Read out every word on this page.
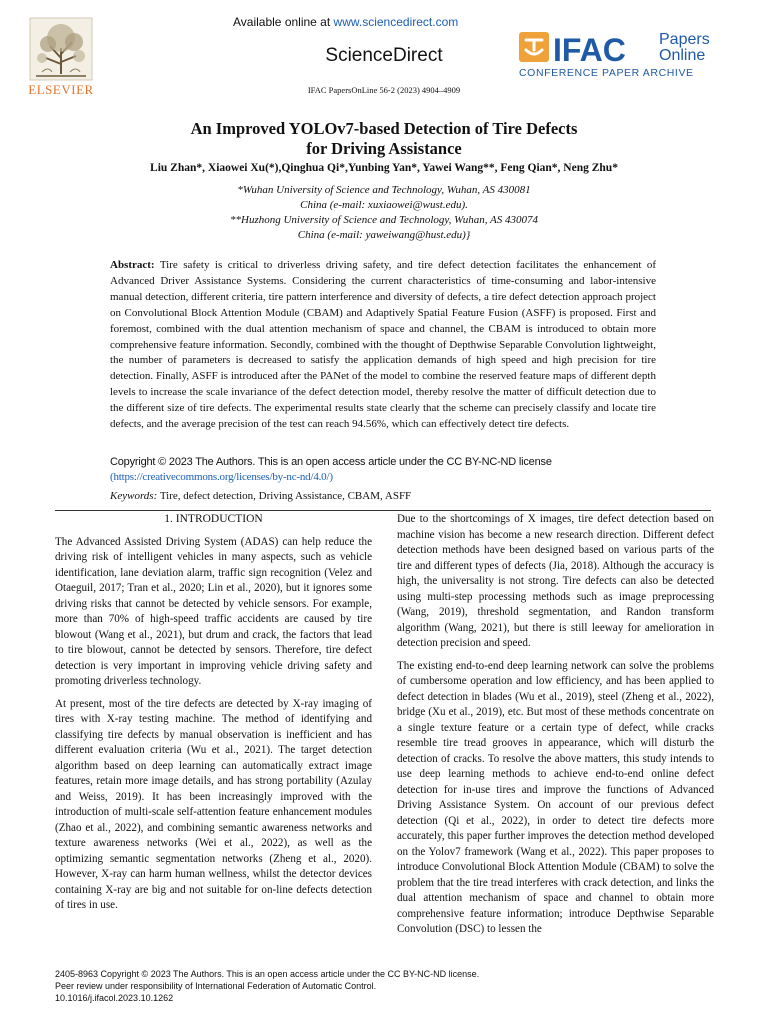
Available online at www.sciencedirect.com
ScienceDirect
IFAC PapersOnLine 56-2 (2023) 4904–4909
ELSEVIER
IFAC Papers
Online
CONFERENCE PAPER ARCHIVE
An Improved YOLOv7-based Detection of Tire Defects
for Driving Assistance
Liu Zhan*, Xiaowei Xu(*),Qinghua Qi*,Yunbing Yan*, Yawei Wang**, Feng Qian*, Neng Zhu*
*Wuhan University of Science and Technology, Wuhan, AS 430081
China (e-mail: xuxiaowei@wust.edu).
**Huzhong University of Science and Technology, Wuhan, AS 430074
China (e-mail: yaweiwang@hust.edu)}
Abstract: Tire safety is critical to driverless driving safety, and tire defect detection facilitates the enhancement of Advanced Driver Assistance Systems. Considering the current characteristics of time-consuming and labor-intensive manual detection, different criteria, tire pattern interference and diversity of defects, a tire defect detection approach project on Convolutional Block Attention Module (CBAM) and Adaptively Spatial Feature Fusion (ASFF) is proposed. First and foremost, combined with the dual attention mechanism of space and channel, the CBAM is introduced to obtain more comprehensive feature information. Secondly, combined with the thought of Depthwise Separable Convolution lightweight, the number of parameters is decreased to satisfy the application demands of high speed and high precision for tire detection. Finally, ASFF is introduced after the PANet of the model to combine the reserved feature maps of different depth levels to increase the scale invariance of the defect detection model, thereby resolve the matter of difficult detection due to the different size of tire defects. The experimental results state clearly that the scheme can precisely classify and locate tire defects, and the average precision of the test can reach 94.56%, which can effectively detect tire defects.
Copyright © 2023 The Authors. This is an open access article under the CC BY-NC-ND license
(https://creativecommons.org/licenses/by-nc-nd/4.0/)
Keywords: Tire, defect detection, Driving Assistance, CBAM, ASFF
1. INTRODUCTION

The Advanced Assisted Driving System (ADAS) can help reduce the driving risk of intelligent vehicles in many aspects, such as vehicle identification, lane deviation alarm, traffic sign recognition (Velez and Otaeguil, 2017; Tran et al., 2020; Lin et al., 2020), but it ignores some driving risks that cannot be detected by vehicle sensors. For example, more than 70% of high-speed traffic accidents are caused by tire blowout (Wang et al., 2021), but drum and crack, the factors that lead to tire blowout, cannot be detected by sensors. Therefore, tire defect detection is very important in improving vehicle driving safety and promoting driverless technology.

At present, most of the tire defects are detected by X-ray imaging of tires with X-ray testing machine. The method of identifying and classifying tire defects by manual observation is inefficient and has different evaluation criteria (Wu et al., 2021). The target detection algorithm based on deep learning can automatically extract image features, retain more image details, and has strong portability (Azulay and Weiss, 2019). It has been increasingly improved with the introduction of multi-scale self-attention feature enhancement modules (Zhao et al., 2022), and combining semantic awareness networks and texture awareness networks (Wei et al., 2022), as well as the optimizing semantic segmentation networks (Zheng et al., 2020). However, X-ray can harm human wellness, whilst the detector devices containing X-ray are big and not suitable for on-line defects detection of tires in use.

Due to the shortcomings of X images, tire defect detection based on machine vision has become a new research direction. Different defect detection methods have been designed based on various parts of the tire and different types of defects (Jia, 2018). Although the accuracy is high, the universality is not strong. Tire defects can also be detected using multi-step processing methods such as image preprocessing (Wang, 2019), threshold segmentation, and Randon transform algorithm (Wang, 2021), but there is still leeway for amelioration in detection precision and speed.

The existing end-to-end deep learning network can solve the problems of cumbersome operation and low efficiency, and has been applied to defect detection in blades (Wu et al., 2019), steel (Zheng et al., 2022), bridge (Xu et al., 2019), etc. But most of these methods concentrate on a single texture feature or a certain type of defect, while cracks resemble tire tread grooves in appearance, which will disturb the detection of cracks. To resolve the above matters, this study intends to use deep learning methods to achieve end-to-end online defect detection for in-use tires and improve the functions of Advanced Driving Assistance System. On account of our previous defect detection (Qi et al., 2022), in order to detect tire defects more accurately, this paper further improves the detection method developed on the Yolov7 framework (Wang et al., 2022). This paper proposes to introduce Convolutional Block Attention Module (CBAM) to solve the problem that the tire tread interferes with crack detection, and links the dual attention mechanism of space and channel to obtain more comprehensive feature information; introduce Depthwise Separable Convolution (DSC) to lessen the

2405-8963 Copyright © 2023 The Authors. This is an open access article under the CC BY-NC-ND license.
Peer review under responsibility of International Federation of Automatic Control.
10.1016/j.ifacol.2023.10.1262
